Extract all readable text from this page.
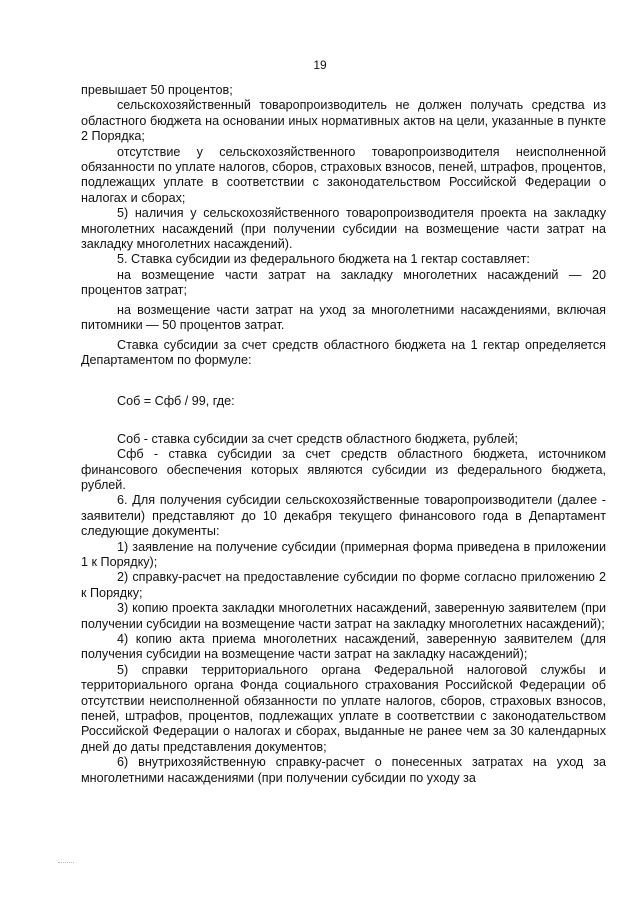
19

превышает 50 процентов;

сельскохозяйственный товаропроизводитель не должен получать средства из областного бюджета на основании иных нормативных актов на цели, указанные в пункте 2 Порядка;

отсутствие у сельскохозяйственного товаропроизводителя неисполненной обязанности по уплате налогов, сборов, страховых взносов, пеней, штрафов, процентов, подлежащих уплате в соответствии с законодательством Российской Федерации о налогах и сборах;

5) наличия у сельскохозяйственного товаропроизводителя проекта на закладку многолетних насаждений (при получении субсидии на возмещение части затрат на закладку многолетних насаждений).

5. Ставка субсидии из федерального бюджета на 1 гектар составляет:

на возмещение части затрат на закладку многолетних насаждений — 20 процентов затрат;

на возмещение части затрат на уход за многолетними насаждениями, включая питомники — 50 процентов затрат.

Ставка субсидии за счет средств областного бюджета на 1 гектар определяется Департаментом по формуле:

Соб = Сфб / 99, где:

Соб - ставка субсидии за счет средств областного бюджета, рублей;

Сфб - ставка субсидии за счет средств областного бюджета, источником финансового обеспечения которых являются субсидии из федерального бюджета, рублей.

6. Для получения субсидии сельскохозяйственные товаропроизводители (далее - заявители) представляют до 10 декабря текущего финансового года в Департамент следующие документы:

1) заявление на получение субсидии (примерная форма приведена в приложении 1 к Порядку);

2) справку-расчет на предоставление субсидии по форме согласно приложению 2 к Порядку;

3) копию проекта закладки многолетних насаждений, заверенную заявителем (при получении субсидии на возмещение части затрат на закладку многолетних насаждений);

4) копию акта приема многолетних насаждений, заверенную заявителем (для получения субсидии на возмещение части затрат на закладку насаждений);

5) справки территориального органа Федеральной налоговой службы и территориального органа Фонда социального страхования Российской Федерации об отсутствии неисполненной обязанности по уплате налогов, сборов, страховых взносов, пеней, штрафов, процентов, подлежащих уплате в соответствии с законодательством Российской Федерации о налогах и сборах, выданные не ранее чем за 30 календарных дней до даты представления документов;

6) внутрихозяйственную справку-расчет о понесенных затратах на уход за многолетними насаждениями (при получении субсидии по уходу за
